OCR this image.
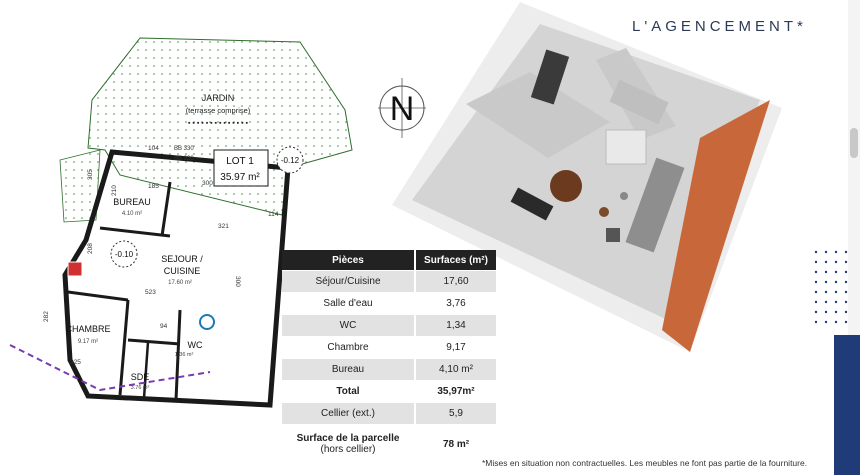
L'AGENCEMENT*
JARDIN
(terrasse comprise)
▪ ▪ ▪ ▪ ▪ ▪ ▪ ▪ ▪ ▪ ▪ ▪ ▪ ▪
LOT 1
35.97 m²
-0.12
-0.10
BUREAU
4.10 m²
SEJOUR /
CUISINE
17.60 m²
CHAMBRE
9.17 m²
SDE
3.76 m²
WC
1.36 m²
185
210
321
114
208
523
300
282
94
325
104
300
BB 330
BB 320
305
N
Pièces	Surfaces (m²)
Séjour/Cuisine	17,60
Salle d'eau	3,76
WC	1,34
Chambre	9,17
Bureau	4,10 m²
Total	35,97m²
Cellier (ext.)	5,9
Surface de la parcelle
(hors cellier)	78 m²
*Mises en situation non contractuelles. Les meubles ne font pas partie de la fourniture.
